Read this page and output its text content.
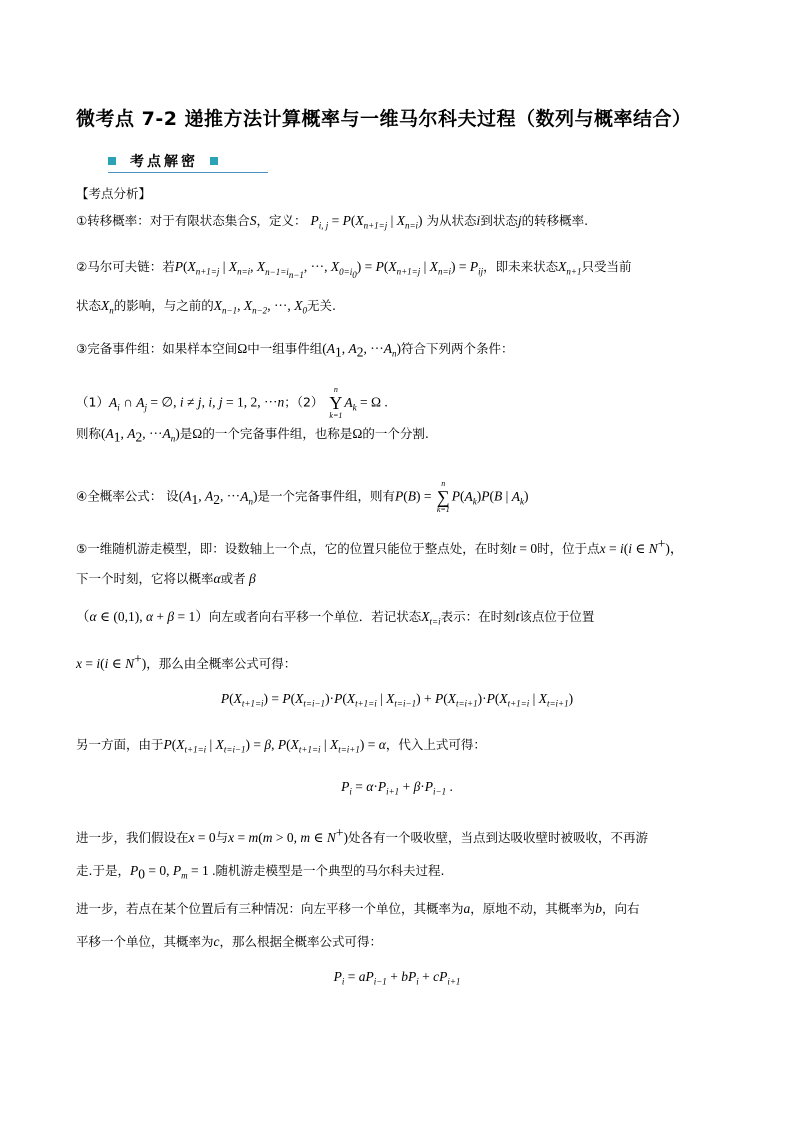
微考点 7-2 递推方法计算概率与一维马尔科夫过程（数列与概率结合）
考点解密
【考点分析】
①转移概率：对于有限状态集合S，定义： $P_{i, j} = P(X_{n+1=j}$ | $X_{n=i}$) 为从状态i到状态j的转移概率.
②马尔可夫链：若$P(X_{n+1=j}$ | $X_{n=i}$, $X_{n-1=i_{n-1}}$, ···, $X_{0=i_0}) = P(X_{n+1=j}$ | $X_{n=i}) = P_{ij}$，即未来状态$X_{n+1}$只受当前
状态$X_n$的影响，与之前的$X_{n-1}$, $X_{n-2}$, ···, $X_0$无关.
③完备事件组：如果样本空间Ω中一组事件组($A_1$, $A_2$, $\cdot\cdot\cdot A_n$)符合下列两个条件：
$(1)A_i$ ∩ $A_j$ = ∅, i ≠ j, i, j = 1, 2, ···n；（2）
n
Y
k=1
$A_k = \Omega$ .
则称($A_1$, $A_2$, $\cdot\cdot\cdot A_n$)是Ω的一个完备事件组，也称是Ω的一个分割.
④全概率公式： 设($A_1$, $A_2$, $\cdot\cdot\cdot A_n$)是一个完备事件组，则有P(B) =
n
∑
k=1
$P(A_k)P(B$ | $A_k$)
⑤一维随机游走模型，即：设数轴上一个点，它的位置只能位于整点处，在时刻t = 0时，位于点x = i(i ∈ N+)，
下一个时刻，它将以概率α或者 β
（α ∈ (0,1), α + β = 1）向左或者向右平移一个单位．若记状态$X_{t=i}$表示：在时刻t该点位于位置
x = i(i ∈ N+)，那么由全概率公式可得：
$P(X_{t+1=i}) = P(X_{t=i-1})\cdot P(X_{t+1=i}$ | $X_{t=i-1}) + P(X_{t=i+1})\cdot P(X_{t+1=i}$ | $X_{t=i+1}$)
另一方面，由于$P(X_{t+1=i}$ | $X_{t=i-1}) = \beta$, $P(X_{t+1=i}$ | $X_{t=i+1}) = \alpha$，代入上式可得：
$P_i = \alpha\cdot P_{i+1} + \beta\cdot P_{i-1}$ .
进一步，我们假设在x = 0与x = m(m > 0, m ∈ N+)处各有一个吸收壁，当点到达吸收壁时被吸收，不再游
走.于是，$P_0 = 0$, $P_m = 1$ .随机游走模型是一个典型的马尔科夫过程.
进一步，若点在某个位置后有三种情况：向左平移一个单位，其概率为a，原地不动，其概率为b，向右
平移一个单位，其概率为c，那么根据全概率公式可得：
$P_i = aP_{i-1} + bP_i + cP_{i+1}$
